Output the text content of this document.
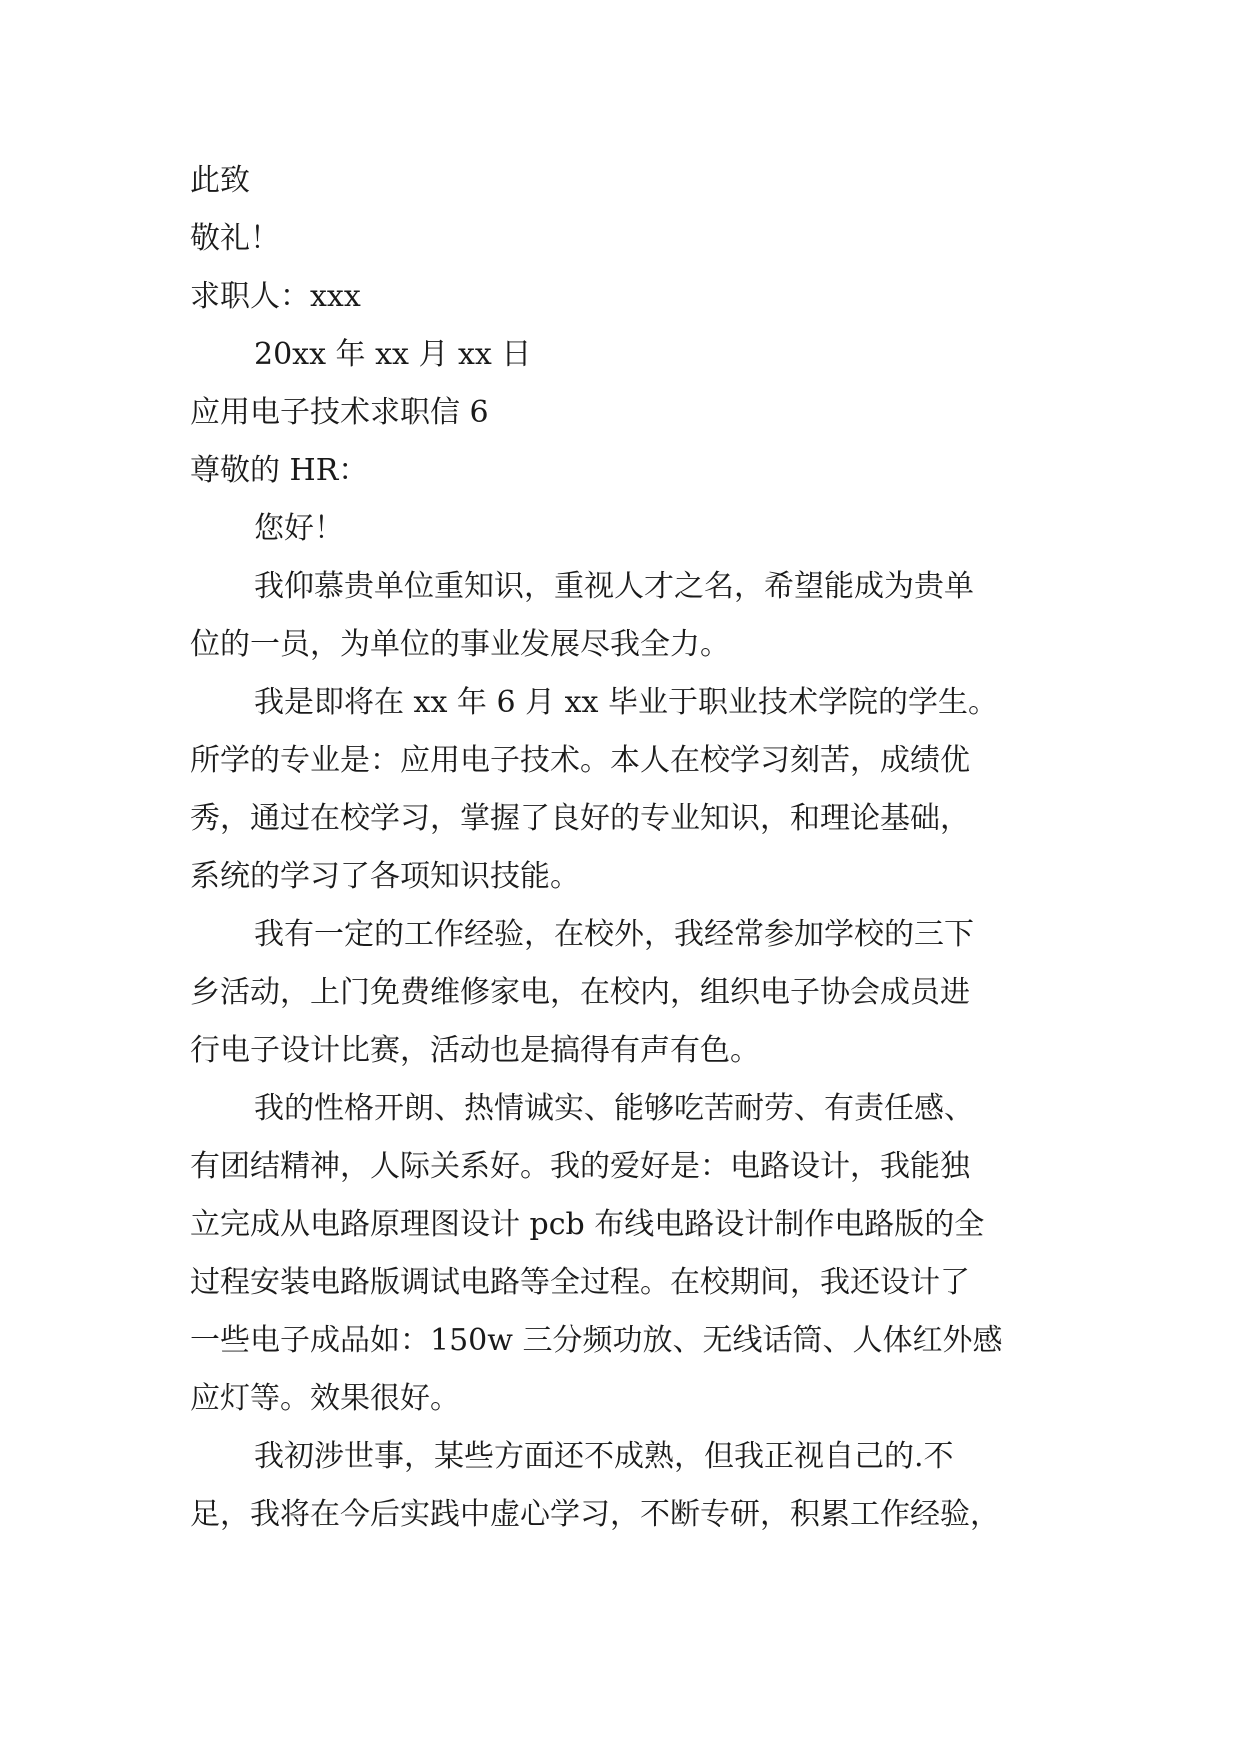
此致
敬礼！
求职人：xxx
20xx 年 xx 月 xx 日
应用电子技术求职信 6
尊敬的 HR：
您好！
我仰慕贵单位重知识，重视人才之名，希望能成为贵单
位的一员，为单位的事业发展尽我全力。
我是即将在 xx 年 6 月 xx 毕业于职业技术学院的学生。
所学的专业是：应用电子技术。本人在校学习刻苦，成绩优
秀，通过在校学习，掌握了良好的专业知识，和理论基础，
系统的学习了各项知识技能。
我有一定的工作经验，在校外，我经常参加学校的三下
乡活动，上门免费维修家电，在校内，组织电子协会成员进
行电子设计比赛，活动也是搞得有声有色。
我的性格开朗、热情诚实、能够吃苦耐劳、有责任感、
有团结精神，人际关系好。我的爱好是：电路设计，我能独
立完成从电路原理图设计 pcb 布线电路设计制作电路版的全
过程安装电路版调试电路等全过程。在校期间，我还设计了
一些电子成品如：150w 三分频功放、无线话筒、人体红外感
应灯等。效果很好。
我初涉世事，某些方面还不成熟，但我正视自己的.不
足，我将在今后实践中虚心学习，不断专研，积累工作经验，
